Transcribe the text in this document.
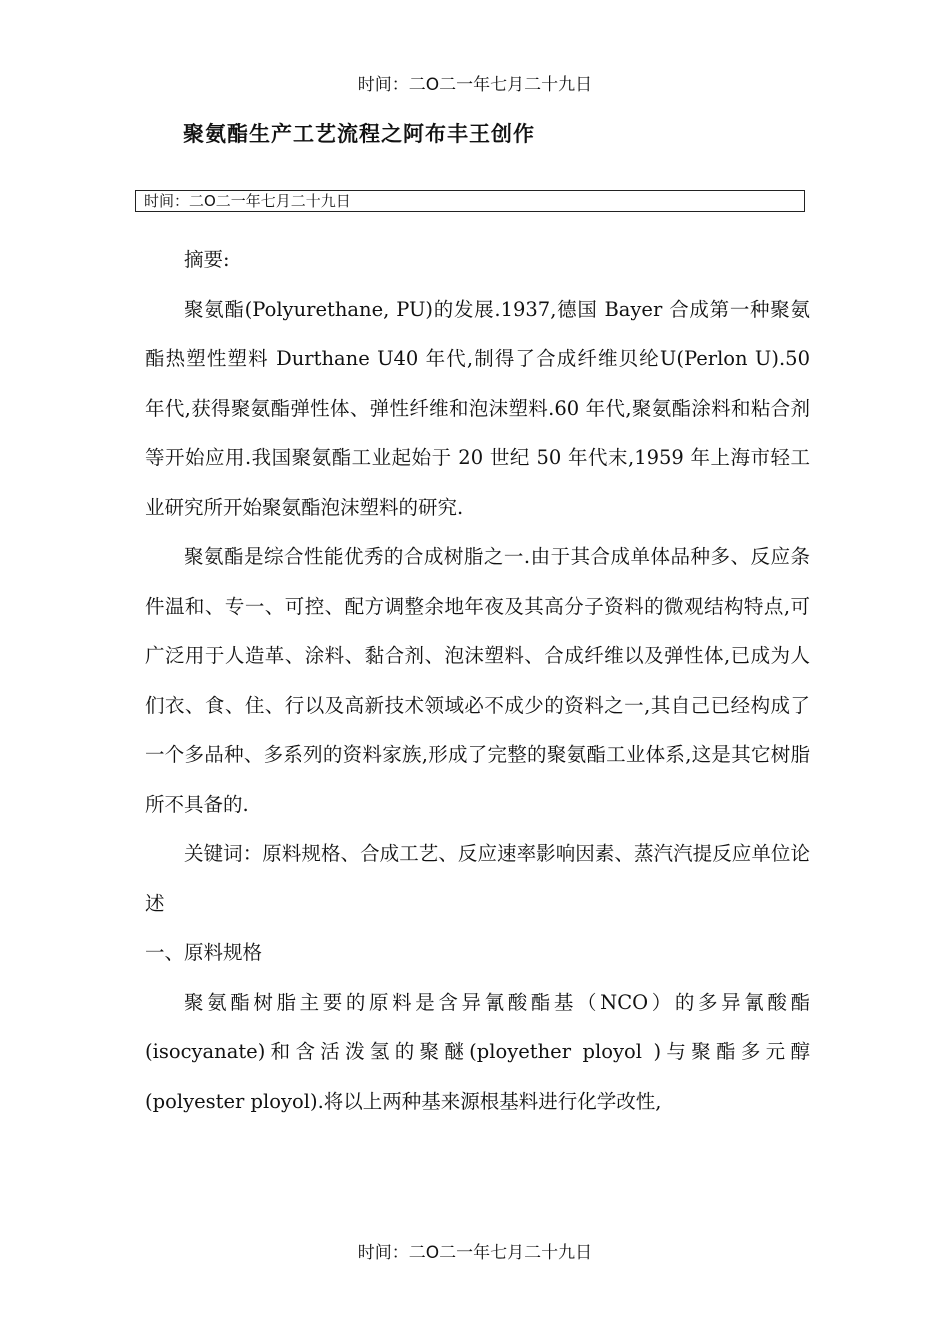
时间：二O二一年七月二十九日
聚氨酯生产工艺流程之阿布丰王创作
时间：二O二一年七月二十九日

摘要:

聚氨酯(Polyurethane, PU)的发展.1937,德国 Bayer 合成第一种聚氨酯热塑性塑料 Durthane U40 年代,制得了合成纤维贝纶U(Perlon U).50 年代,获得聚氨酯弹性体、弹性纤维和泡沫塑料.60 年代,聚氨酯涂料和粘合剂等开始应用.我国聚氨酯工业起始于 20 世纪 50 年代末,1959 年上海市轻工业研究所开始聚氨酯泡沫塑料的研究.

聚氨酯是综合性能优秀的合成树脂之一.由于其合成单体品种多、反应条件温和、专一、可控、配方调整余地年夜及其高分子资料的微观结构特点,可广泛用于人造革、涂料、黏合剂、泡沫塑料、合成纤维以及弹性体,已成为人们衣、食、住、行以及高新技术领域必不成少的资料之一,其自己已经构成了一个多品种、多系列的资料家族,形成了完整的聚氨酯工业体系,这是其它树脂所不具备的.

关键词：原料规格、合成工艺、反应速率影响因素、蒸汽汽提反应单位论述

一、原料规格

聚氨酯树脂主要的原料是含异氰酸酯基（NCO）的多异氰酸酯(isocyanate)和含活泼氢的聚醚(ployether ployol )与聚酯多元醇(polyester ployol).将以上两种基来源根基料进行化学改性,

时间：二O二一年七月二十九日
